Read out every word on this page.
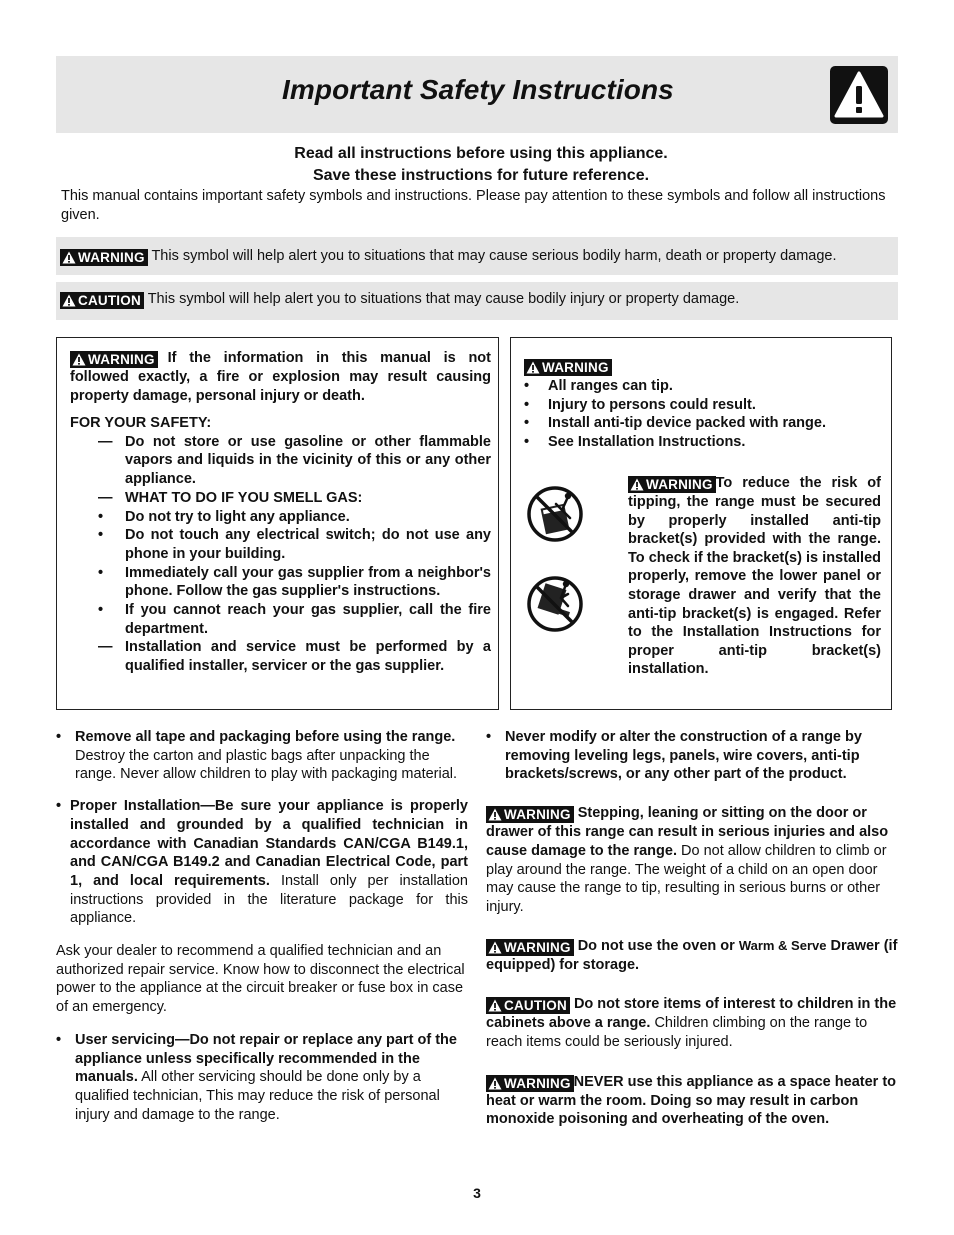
Important Safety Instructions
Read all instructions before using this appliance.
Save these instructions for future reference.
This manual contains important safety symbols and instructions. Please pay attention to these symbols and follow all instructions given.
WARNING This symbol will help alert you to situations that may cause serious bodily harm, death or property damage.
CAUTION This symbol will help alert you to situations that may cause bodily injury or property damage.
WARNING If the information in this manual is not followed exactly, a fire or explosion may result causing property damage, personal injury or death.
FOR YOUR SAFETY:
— Do not store or use gasoline or other flammable vapors and liquids in the vicinity of this or any other appliance.
— WHAT TO DO IF YOU SMELL GAS:
• Do not try to light any appliance.
• Do not touch any electrical switch; do not use any phone in your building.
• Immediately call your gas supplier from a neighbor's phone. Follow the gas supplier's instructions.
• If you cannot reach your gas supplier, call the fire department.
— Installation and service must be performed by a qualified installer, servicer or the gas supplier.
WARNING
• All ranges can tip.
• Injury to persons could result.
• Install anti-tip device packed with range.
• See Installation Instructions.
WARNING To reduce the risk of tipping, the range must be secured by properly installed anti-tip bracket(s) provided with the range. To check if the bracket(s) is installed properly, remove the lower panel or storage drawer and verify that the anti-tip bracket(s) is engaged. Refer to the Installation Instructions for proper anti-tip bracket(s) installation.
• Remove all tape and packaging before using the range. Destroy the carton and plastic bags after unpacking the range. Never allow children to play with packaging material.
• Proper Installation—Be sure your appliance is properly installed and grounded by a qualified technician in accordance with Canadian Standards CAN/CGA B149.1, and CAN/CGA B149.2 and Canadian Electrical Code, part 1, and local requirements. Install only per installation instructions provided in the literature package for this appliance.
Ask your dealer to recommend a qualified technician and an authorized repair service. Know how to disconnect the electrical power to the appliance at the circuit breaker or fuse box in case of an emergency.
• User servicing—Do not repair or replace any part of the appliance unless specifically recommended in the manuals. All other servicing should be done only by a qualified technician, This may reduce the risk of personal injury and damage to the range.
• Never modify or alter the construction of a range by removing leveling legs, panels, wire covers, anti-tip brackets/screws, or any other part of the product.
WARNING Stepping, leaning or sitting on the door or drawer of this range can result in serious injuries and also cause damage to the range. Do not allow children to climb or play around the range. The weight of a child on an open door may cause the range to tip, resulting in serious burns or other injury.
WARNING Do not use the oven or Warm & Serve Drawer (if equipped) for storage.
CAUTION Do not store items of interest to children in the cabinets above a range. Children climbing on the range to reach items could be seriously injured.
WARNING NEVER use this appliance as a space heater to heat or warm the room. Doing so may result in carbon monoxide poisoning and overheating of the oven.
3
